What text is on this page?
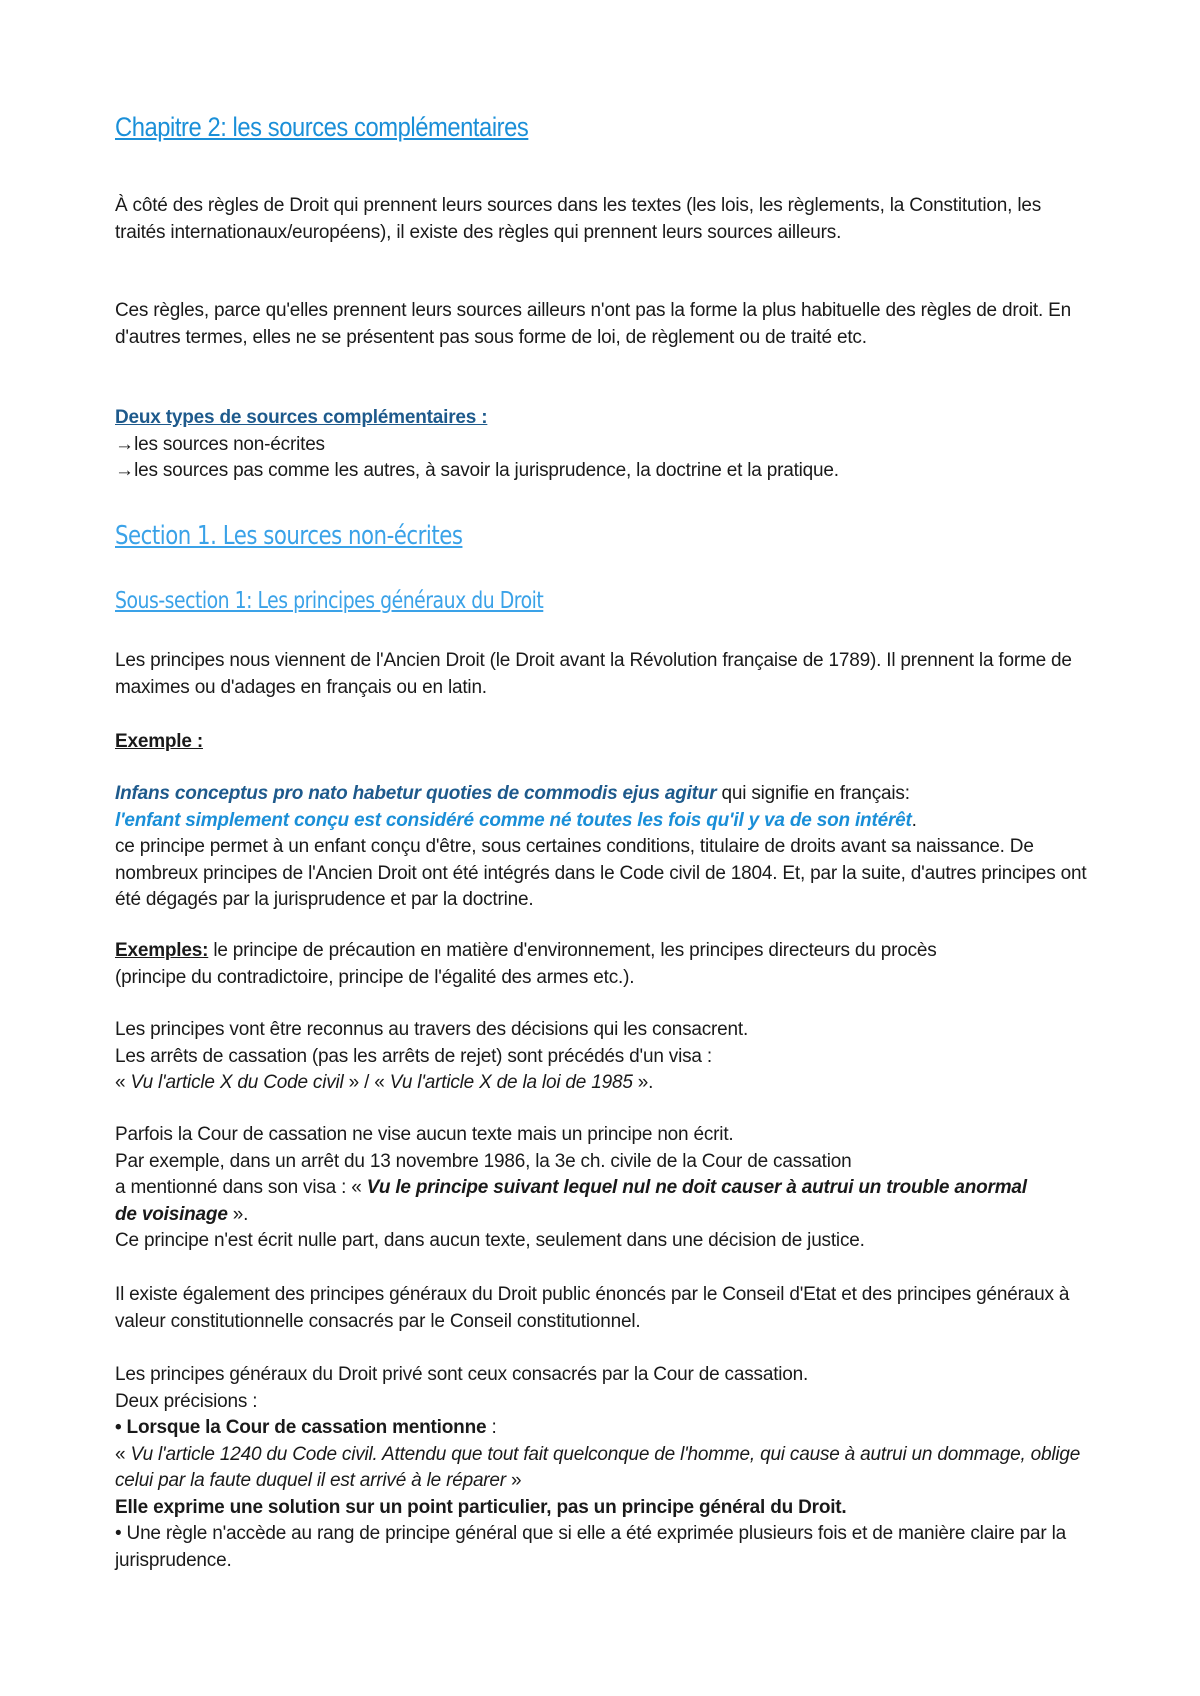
Chapitre 2: les sources complémentaires

À côté des règles de Droit qui prennent leurs sources dans les textes (les lois, les règlements, la Constitution, les traités internationaux/européens), il existe des règles qui prennent leurs sources ailleurs.

Ces règles, parce qu'elles prennent leurs sources ailleurs n'ont pas la forme la plus habituelle des règles de droit. En d'autres termes, elles ne se présentent pas sous forme de loi, de règlement ou de traité etc.

Deux types de sources complémentaires :
→ les sources non-écrites
→ les sources pas comme les autres, à savoir la jurisprudence, la doctrine et la pratique.
Section 1. Les sources non-écrites
Sous-section 1: Les principes généraux du Droit

Les principes nous viennent de l'Ancien Droit (le Droit avant la Révolution française de 1789). Il prennent la forme de maximes ou d'adages en français ou en latin.

Exemple :

Infans conceptus pro nato habetur quoties de commodis ejus agitur qui signifie en français:
l'enfant simplement conçu est considéré comme né toutes les fois qu'il y va de son intérêt.
ce principe permet à un enfant conçu d'être, sous certaines conditions, titulaire de droits avant sa naissance. De nombreux principes de l'Ancien Droit ont été intégrés dans le Code civil de 1804. Et, par la suite, d'autres principes ont été dégagés par la jurisprudence et par la doctrine.

Exemples: le principe de précaution en matière d'environnement, les principes directeurs du procès (principe du contradictoire, principe de l'égalité des armes etc.).

Les principes vont être reconnus au travers des décisions qui les consacrent.
Les arrêts de cassation (pas les arrêts de rejet) sont précédés d'un visa :
« Vu l'article X du Code civil » / « Vu l'article X de la loi de 1985 ».
Parfois la Cour de cassation ne vise aucun texte mais un principe non écrit.
Par exemple, dans un arrêt du 13 novembre 1986, la 3e ch. civile de la Cour de cassation
a mentionné dans son visa : « Vu le principe suivant lequel nul ne doit causer à autrui un trouble anormal de voisinage ».
Ce principe n'est écrit nulle part, dans aucun texte, seulement dans une décision de justice.

Il existe également des principes généraux du Droit public énoncés par le Conseil d'Etat et des principes généraux à valeur constitutionnelle consacrés par le Conseil constitutionnel.

Les principes généraux du Droit privé sont ceux consacrés par la Cour de cassation.
Deux précisions :
• Lorsque la Cour de cassation mentionne :
« Vu l'article 1240 du Code civil. Attendu que tout fait quelconque de l'homme, qui cause à autrui un dommage, oblige celui par la faute duquel il est arrivé à le réparer »
Elle exprime une solution sur un point particulier, pas un principe général du Droit.
• Une règle n'accède au rang de principe général que si elle a été exprimée plusieurs fois et de manière claire par la jurisprudence.
